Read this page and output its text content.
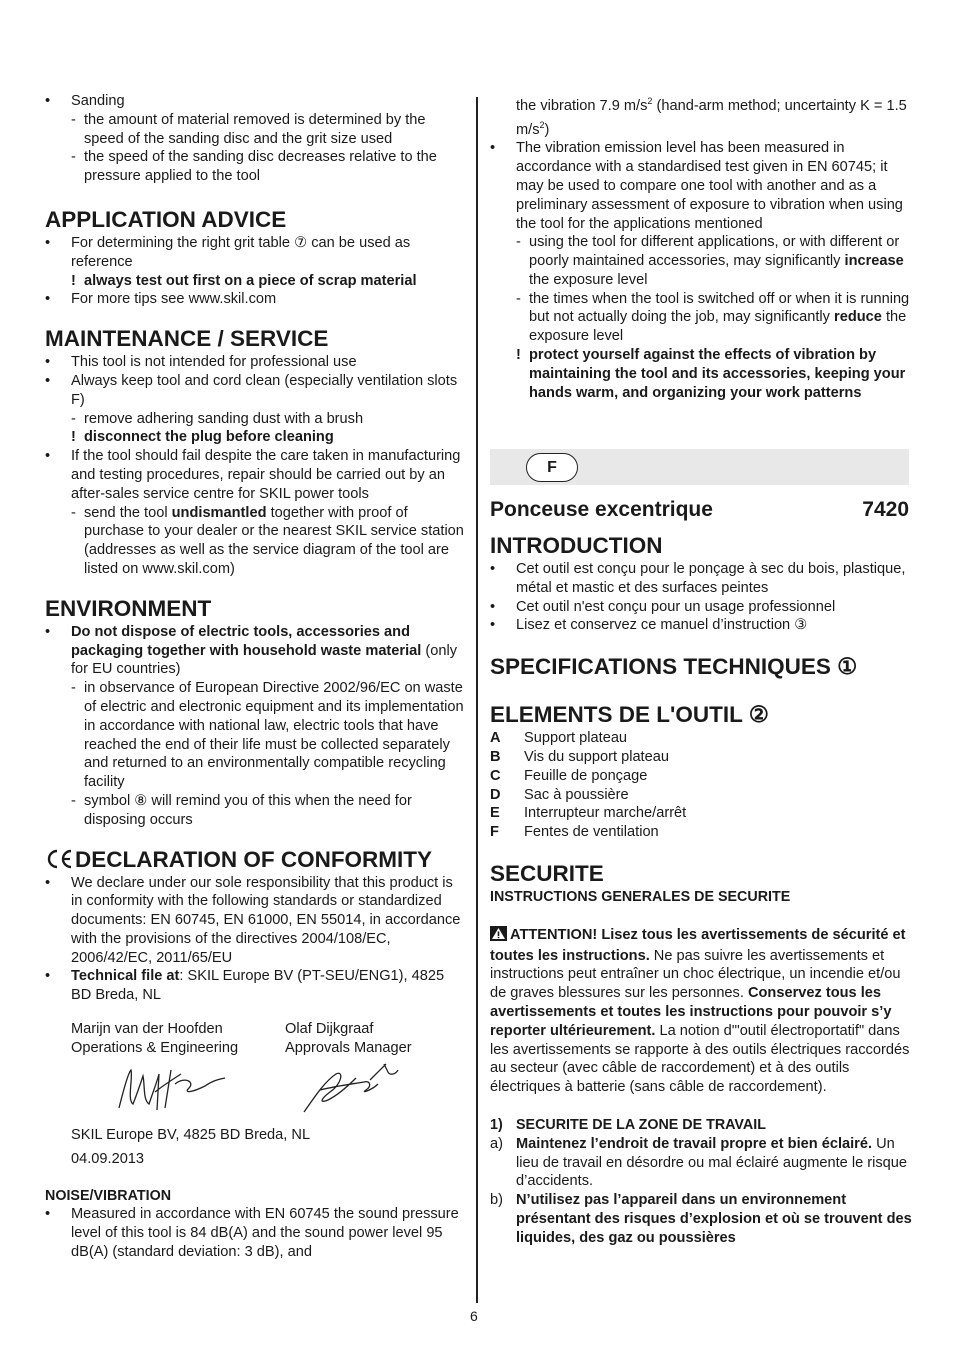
• Sanding

- the amount of material removed is determined by the speed of the sanding disc and the grit size used

- the speed of the sanding disc decreases relative to the pressure applied to the tool

APPLICATION ADVICE

• For determining the right grit table ⑦ can be used as reference

! always test out first on a piece of scrap material

• For more tips see www.skil.com

MAINTENANCE / SERVICE

• This tool is not intended for professional use

• Always keep tool and cord clean (especially ventilation slots F)

- remove adhering sanding dust with a brush

! disconnect the plug before cleaning

• If the tool should fail despite the care taken in manufacturing and testing procedures, repair should be carried out by an after-sales service centre for SKIL power tools

- send the tool undismantled together with proof of purchase to your dealer or the nearest SKIL service station (addresses as well as the service diagram of the tool are listed on www.skil.com)

ENVIRONMENT

• Do not dispose of electric tools, accessories and packaging together with household waste material (only for EU countries)

- in observance of European Directive 2002/96/EC on waste of electric and electronic equipment and its implementation in accordance with national law, electric tools that have reached the end of their life must be collected separately and returned to an environmentally compatible recycling facility

- symbol ⑧ will remind you of this when the need for disposing occurs

DECLARATION OF CONFORMITY

• We declare under our sole responsibility that this product is in conformity with the following standards or standardized documents: EN 60745, EN 61000, EN 55014, in accordance with the provisions of the directives 2004/108/EC, 2006/42/EC, 2011/65/EU

• Technical file at: SKIL Europe BV (PT-SEU/ENG1), 4825 BD Breda, NL

Marijn van der Hoofden
Operations & Engineering
Olaf Dijkgraaf
Approvals Manager

SKIL Europe BV, 4825 BD Breda, NL

04.09.2013

NOISE/VIBRATION

• Measured in accordance with EN 60745 the sound pressure level of this tool is 84 dB(A) and the sound power level 95 dB(A) (standard deviation: 3 dB), and

the vibration 7.9 $m/s^2$ (hand-arm method; uncertainty K = 1.5 $m/s^2$)

• The vibration emission level has been measured in accordance with a standardised test given in EN 60745; it may be used to compare one tool with another and as a preliminary assessment of exposure to vibration when using the tool for the applications mentioned

- using the tool for different applications, or with different or poorly maintained accessories, may significantly increase the exposure level

- the times when the tool is switched off or when it is running but not actually doing the job, may significantly reduce the exposure level

! protect yourself against the effects of vibration by maintaining the tool and its accessories, keeping your hands warm, and organizing your work patterns

F
Ponceuse excentrique	7420
INTRODUCTION

• Cet outil est conçu pour le ponçage à sec du bois, plastique, métal et mastic et des surfaces peintes

• Cet outil n'est conçu pour un usage professionnel

• Lisez et conservez ce manuel d’instruction ③

SPECIFICATIONS TECHNIQUES ①
ELEMENTS DE L'OUTIL ②

A Support plateau

B Vis du support plateau

C Feuille de ponçage

D Sac à poussière

E Interrupteur marche/arrêt

F Fentes de ventilation

SECURITE

INSTRUCTIONS GENERALES DE SECURITE

ATTENTION! Lisez tous les avertissements de sécurité et toutes les instructions. Ne pas suivre les avertissements et instructions peut entraîner un choc électrique, un incendie et/ou de graves blessures sur les personnes. Conservez tous les avertissements et toutes les instructions pour pouvoir s’y reporter ultérieurement. La notion d'"outil électroportatif" dans les avertissements se rapporte à des outils électriques raccordés au secteur (avec câble de raccordement) et à des outils électriques à batterie (sans câble de raccordement).

1) SECURITE DE LA ZONE DE TRAVAIL

a) Maintenez l’endroit de travail propre et bien éclairé. Un lieu de travail en désordre ou mal éclairé augmente le risque d’accidents.

b) N’utilisez pas l’appareil dans un environnement présentant des risques d’explosion et où se trouvent des liquides, des gaz ou poussières

6
